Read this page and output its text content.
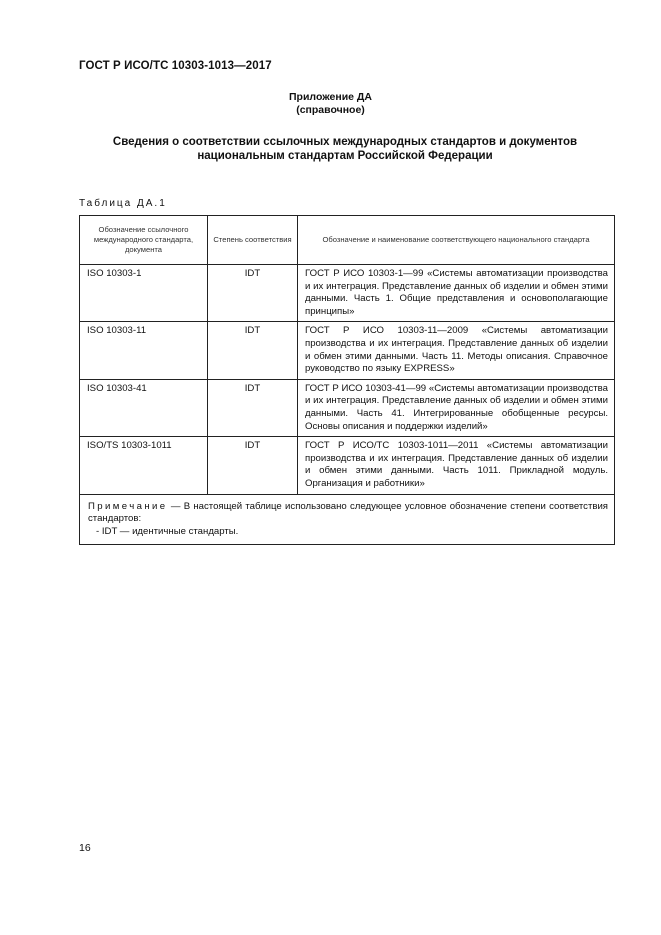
ГОСТ Р ИСО/ТС 10303-1013—2017
Приложение ДА
(справочное)
Сведения о соответствии ссылочных международных стандартов и документов
национальным стандартам Российской Федерации
Таблица ДА.1
Обозначение ссылочного международного стандарта, документа	Степень соответствия	Обозначение и наименование соответствующего национального стандарта
ISO 10303-1	IDT	ГОСТ Р ИСО 10303-1—99 «Системы автоматизации производства и их интеграция. Представление данных об изделии и обмен этими данными. Часть 1. Общие представления и основополагающие принципы»
ISO 10303-11	IDT	ГОСТ Р ИСО 10303-11—2009 «Системы автоматизации производства и их интеграция. Представление данных об изделии и обмен этими данными. Часть 11. Методы описания. Справочное руководство по языку EXPRESS»
ISO 10303-41	IDT	ГОСТ Р ИСО 10303-41—99 «Системы автоматизации производства и их интеграция. Представление данных об изделии и обмен этими данными. Часть 41. Интегрированные обобщенные ресурсы. Основы описания и поддержки изделий»
ISO/TS 10303-1011	IDT	ГОСТ Р ИСО/ТС 10303-1011—2011 «Системы автоматизации производства и их интеграция. Представление данных об изделии и обмен этими данными. Часть 1011. Прикладной модуль. Организация и работники»

Примечание — В настоящей таблице использовано следующее условное обозначение степени соответствия стандартов:
- IDT — идентичные стандарты.		
16
